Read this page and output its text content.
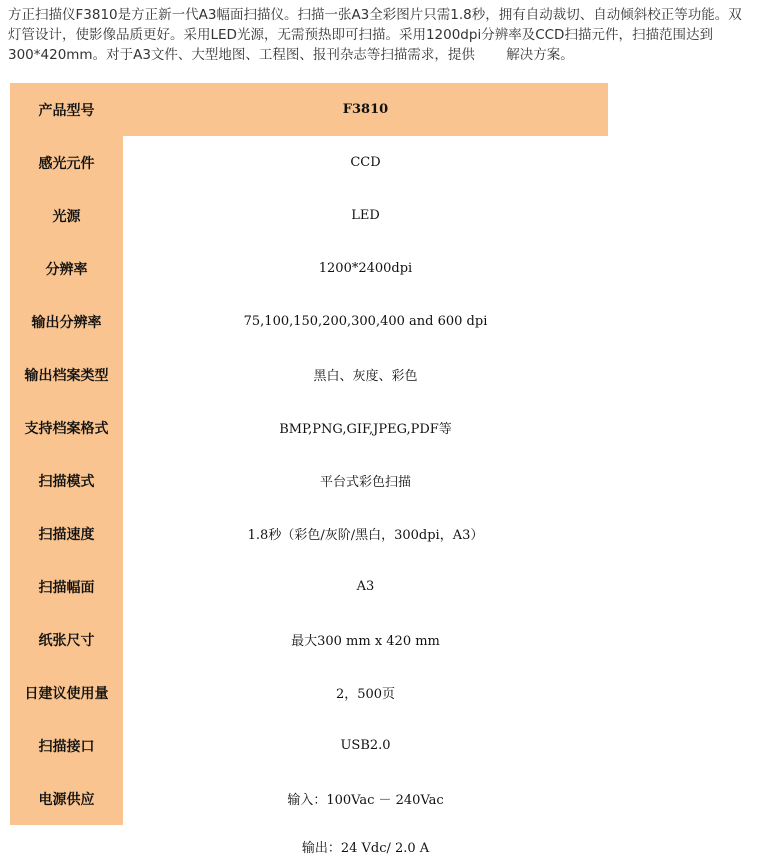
方正扫描仪F3810是方正新一代A3幅面扫描仪。扫描一张A3全彩图片只需1.8秒，拥有自动裁切、自动倾斜校正等功能。双

灯管设计，使影像品质更好。采用LED光源，无需预热即可扫描。采用1200dpi分辨率及CCD扫描元件，扫描范围达到

300*420mm。对于A3文件、大型地图、工程图、报刊杂志等扫描需求，提供　　 解决方案。

产品型号	F3810
感光元件	CCD
光源	LED
分辨率	1200*2400dpi
输出分辨率	75,100,150,200,300,400 and 600 dpi
输出档案类型	黑白、灰度、彩色
支持档案格式	BMP,PNG,GIF,JPEG,PDF等
扫描模式	平台式彩色扫描
扫描速度	1.8秒（彩色/灰阶/黑白，300dpi，A3）
扫描幅面	A3
纸张尺寸	最大300 mm x 420 mm
日建议使用量	2，500页
扫描接口	USB2.0
电源供应	输入：100Vac － 240Vac
输出：24 Vdc/ 2.0 A
